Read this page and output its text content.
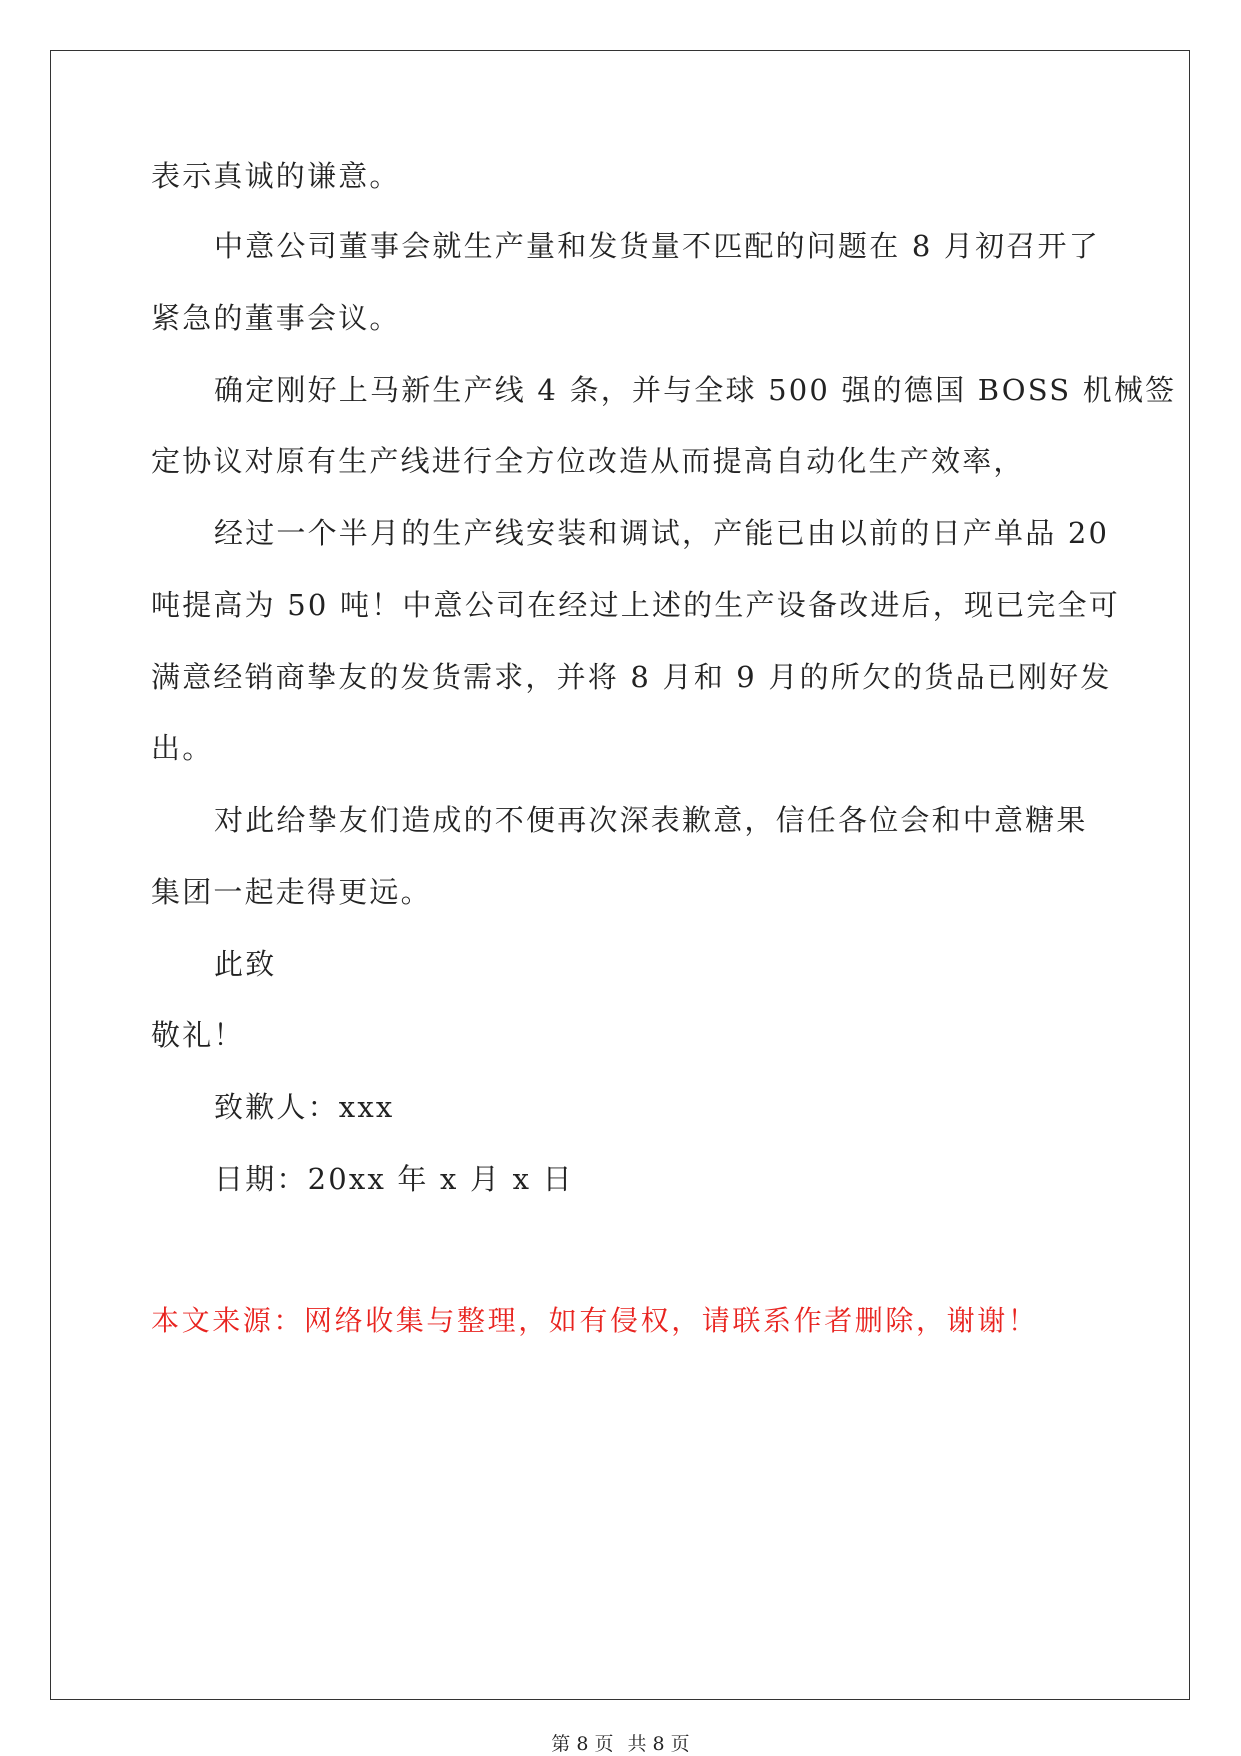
表示真诚的谦意。
中意公司董事会就生产量和发货量不匹配的问题在 8 月初召开了
紧急的董事会议。
确定刚好上马新生产线 4 条，并与全球 500 强的德国 BOSS 机械签
定协议对原有生产线进行全方位改造从而提高自动化生产效率，
经过一个半月的生产线安装和调试，产能已由以前的日产单品 20
吨提高为 50 吨！中意公司在经过上述的生产设备改进后，现已完全可
满意经销商挚友的发货需求，并将 8 月和 9 月的所欠的货品已刚好发
出。
对此给挚友们造成的不便再次深表歉意，信任各位会和中意糖果
集团一起走得更远。
此致
敬礼！
致歉人：xxx
日期：20xx 年 x 月 x 日
本文来源：网络收集与整理，如有侵权，请联系作者删除，谢谢！
第 8 页 共 8 页
